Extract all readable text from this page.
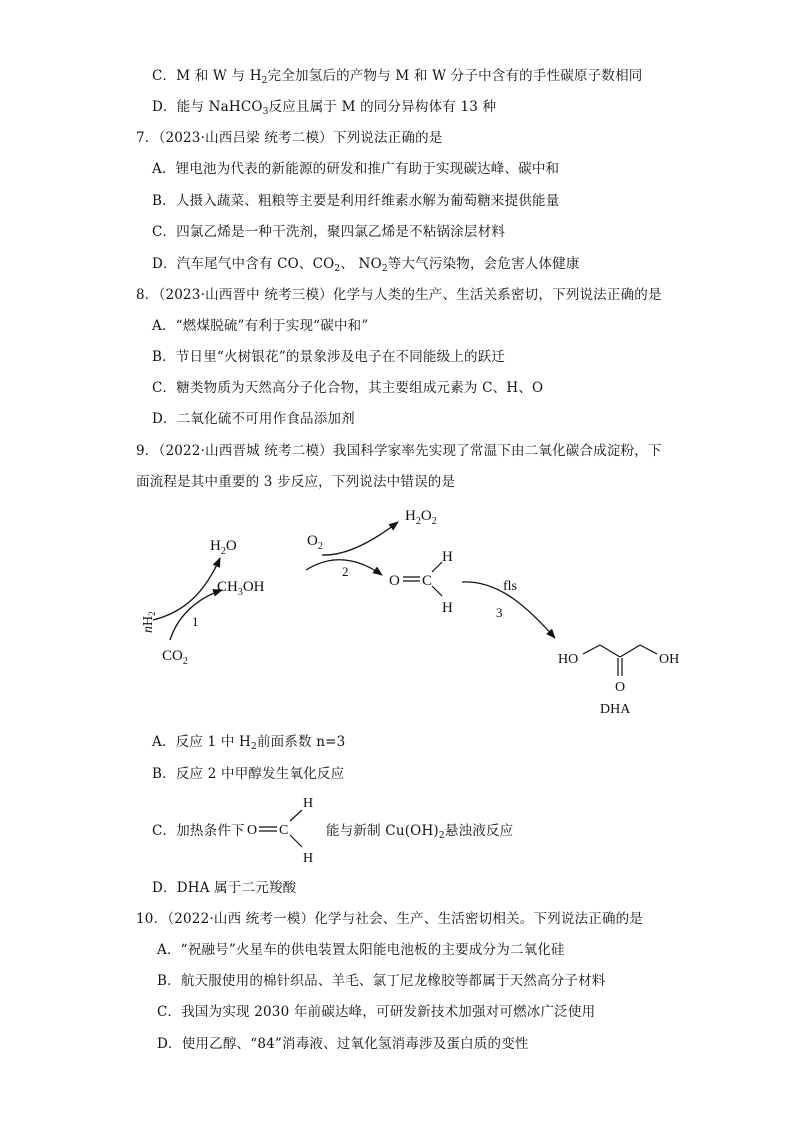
C．M 和 W 与 $H_2$完全加氢后的产物与 M 和 W 分子中含有的手性碳原子数相同
D．能与 NaHCO$_3$反应且属于 M 的同分异构体有 13 种
7．（2023·山西吕梁 统考二模）下列说法正确的是
A．锂电池为代表的新能源的研发和推广有助于实现碳达峰、碳中和
B．人摄入蔬菜、粗粮等主要是利用纤维素水解为葡萄糖来提供能量
C．四氯乙烯是一种干洗剂，聚四氯乙烯是不粘锅涂层材料
D．汽车尾气中含有 CO、$CO_2$、 $NO_2$等大气污染物，会危害人体健康
8．（2023·山西晋中 统考三模）化学与人类的生产、生活关系密切，下列说法正确的是
A．“燃煤脱硫”有利于实现“碳中和”
B．节日里“火树银花”的景象涉及电子在不同能级上的跃迁
C．糖类物质为天然高分子化合物，其主要组成元素为 C、H、O
D．二氧化硫不可用作食品添加剂
9．（2022·山西晋城 统考二模）我国科学家率先实现了常温下由二氧化碳合成淀粉，下
面流程是其中重要的 3 步反应，下列说法中错误的是
$CO_2$
$nH_2$
1
$H_2O$
$CH_3OH$
$O_2$
2
$H_2O_2$
O C
H
H
fls
3
HO	OH
O
DHA
A．反应 1 中 $H_2$前面系数 n=3
B．反应 2 中甲醇发生氧化反应
C．加热条件下 O C
H
H
能与新制 $Cu(OH)_2$悬浊液反应
D．DHA 属于二元羧酸
10．（2022·山西 统考一模）化学与社会、生产、生活密切相关。下列说法正确的是
A．“祝融号”火星车的供电装置太阳能电池板的主要成分为二氧化硅
B．航天服使用的棉针织品、羊毛、氯丁尼龙橡胶等都属于天然高分子材料
C．我国为实现 2030 年前碳达峰，可研发新技术加强对可燃冰广泛使用
D．使用乙醇、“84”消毒液、过氧化氢消毒涉及蛋白质的变性
